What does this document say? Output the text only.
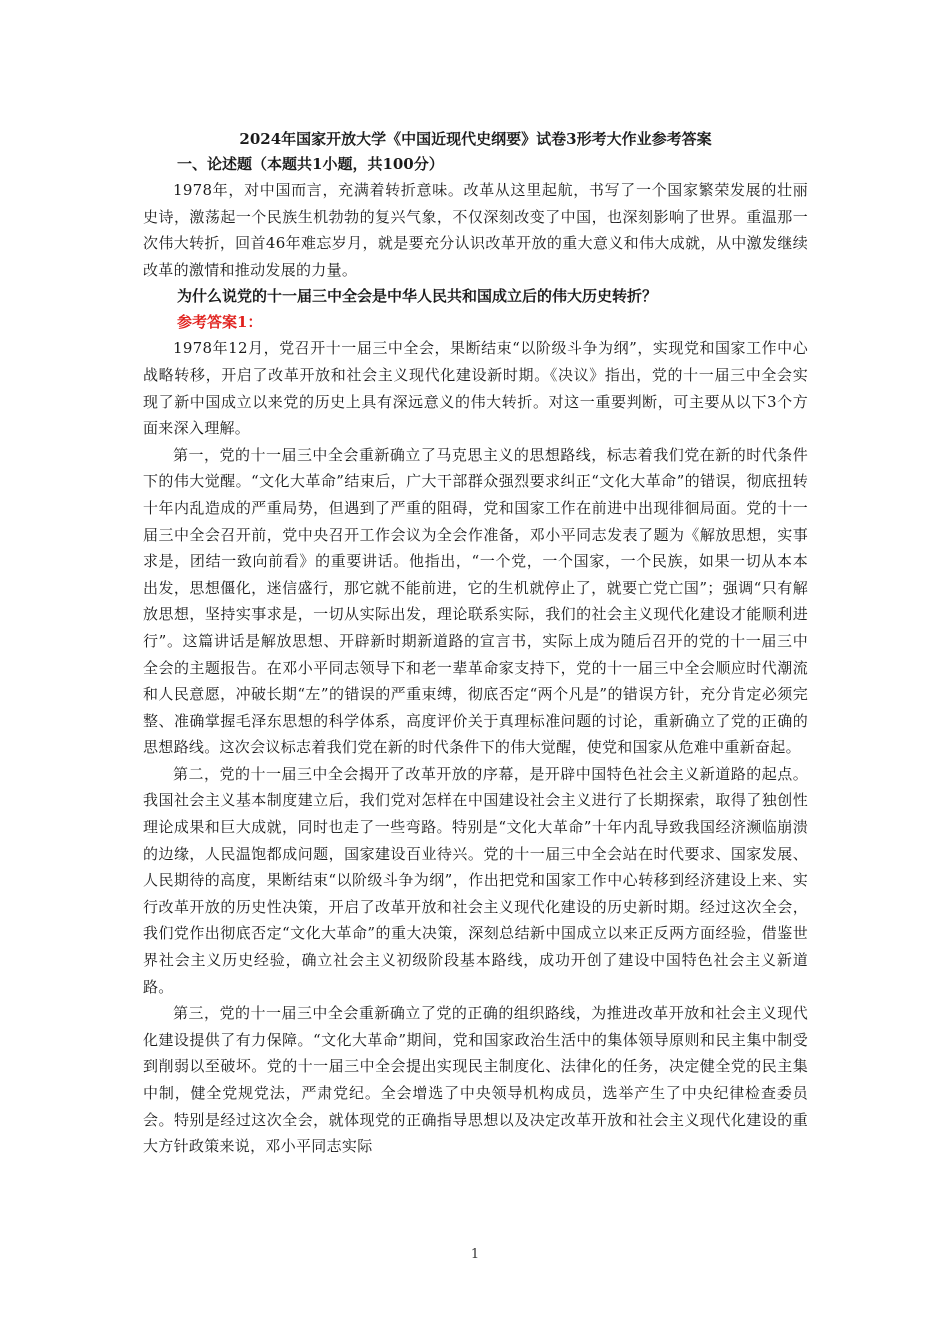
2024年国家开放大学《中国近现代史纲要》试卷3形考大作业参考答案
一、论述题（本题共1小题，共100分）

1978年，对中国而言，充满着转折意味。改革从这里起航，书写了一个国家繁荣发展的壮丽史诗，激荡起一个民族生机勃勃的复兴气象，不仅深刻改变了中国，也深刻影响了世界。重温那一次伟大转折，回首46年难忘岁月，就是要充分认识改革开放的重大意义和伟大成就，从中激发继续改革的激情和推动发展的力量。

为什么说党的十一届三中全会是中华人民共和国成立后的伟大历史转折？
参考答案1：

1978年12月，党召开十一届三中全会，果断结束“以阶级斗争为纲”，实现党和国家工作中心战略转移，开启了改革开放和社会主义现代化建设新时期。《决议》指出，党的十一届三中全会实现了新中国成立以来党的历史上具有深远意义的伟大转折。对这一重要判断，可主要从以下3个方面来深入理解。

第一，党的十一届三中全会重新确立了马克思主义的思想路线，标志着我们党在新的时代条件下的伟大觉醒。“文化大革命”结束后，广大干部群众强烈要求纠正“文化大革命”的错误，彻底扭转十年内乱造成的严重局势，但遇到了严重的阻碍，党和国家工作在前进中出现徘徊局面。党的十一届三中全会召开前，党中央召开工作会议为全会作准备，邓小平同志发表了题为《解放思想，实事求是，团结一致向前看》的重要讲话。他指出，“一个党，一个国家，一个民族，如果一切从本本出发，思想僵化，迷信盛行，那它就不能前进，它的生机就停止了，就要亡党亡国”；强调“只有解放思想，坚持实事求是，一切从实际出发，理论联系实际，我们的社会主义现代化建设才能顺利进行”。这篇讲话是解放思想、开辟新时期新道路的宣言书，实际上成为随后召开的党的十一届三中全会的主题报告。在邓小平同志领导下和老一辈革命家支持下，党的十一届三中全会顺应时代潮流和人民意愿，冲破长期“左”的错误的严重束缚，彻底否定“两个凡是”的错误方针，充分肯定必须完整、准确掌握毛泽东思想的科学体系，高度评价关于真理标准问题的讨论，重新确立了党的正确的思想路线。这次会议标志着我们党在新的时代条件下的伟大觉醒，使党和国家从危难中重新奋起。

第二，党的十一届三中全会揭开了改革开放的序幕，是开辟中国特色社会主义新道路的起点。我国社会主义基本制度建立后，我们党对怎样在中国建设社会主义进行了长期探索，取得了独创性理论成果和巨大成就，同时也走了一些弯路。特别是“文化大革命”十年内乱导致我国经济濒临崩溃的边缘，人民温饱都成问题，国家建设百业待兴。党的十一届三中全会站在时代要求、国家发展、人民期待的高度，果断结束“以阶级斗争为纲”，作出把党和国家工作中心转移到经济建设上来、实行改革开放的历史性决策，开启了改革开放和社会主义现代化建设的历史新时期。经过这次全会，我们党作出彻底否定“文化大革命”的重大决策，深刻总结新中国成立以来正反两方面经验，借鉴世界社会主义历史经验，确立社会主义初级阶段基本路线，成功开创了建设中国特色社会主义新道路。

第三，党的十一届三中全会重新确立了党的正确的组织路线，为推进改革开放和社会主义现代化建设提供了有力保障。“文化大革命”期间，党和国家政治生活中的集体领导原则和民主集中制受到削弱以至破坏。党的十一届三中全会提出实现民主制度化、法律化的任务，决定健全党的民主集中制，健全党规党法，严肃党纪。全会增选了中央领导机构成员，选举产生了中央纪律检查委员会。特别是经过这次全会，就体现党的正确指导思想以及决定改革开放和社会主义现代化建设的重大方针政策来说，邓小平同志实际

1
